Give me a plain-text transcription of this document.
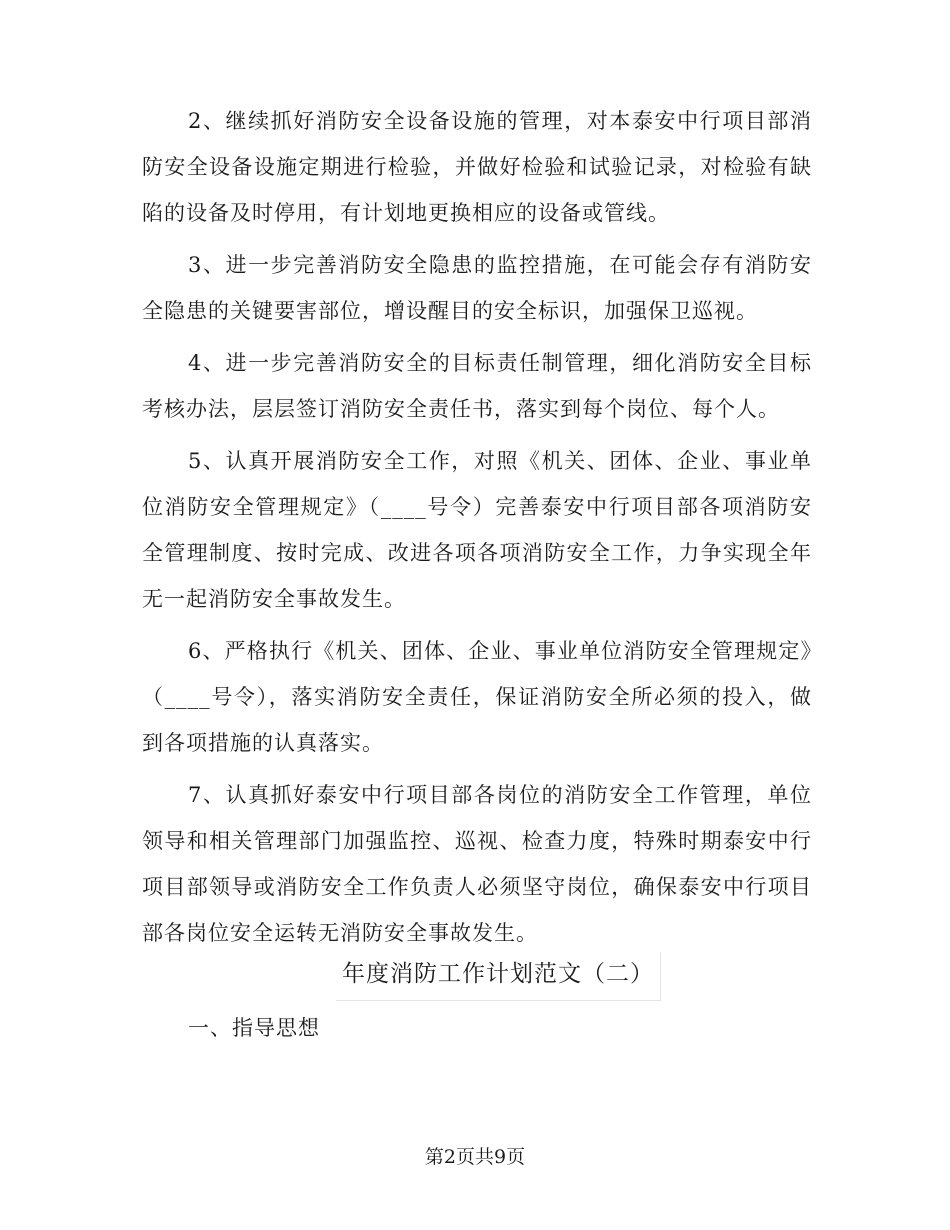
2、继续抓好消防安全设备设施的管理，对本泰安中行项目部消防安全设备设施定期进行检验，并做好检验和试验记录，对检验有缺陷的设备及时停用，有计划地更换相应的设备或管线。

3、进一步完善消防安全隐患的监控措施，在可能会存有消防安全隐患的关键要害部位，增设醒目的安全标识，加强保卫巡视。

4、进一步完善消防安全的目标责任制管理，细化消防安全目标考核办法，层层签订消防安全责任书，落实到每个岗位、每个人。

5、认真开展消防安全工作，对照《机关、团体、企业、事业单位消防安全管理规定》（____号令）完善泰安中行项目部各项消防安全管理制度、按时完成、改进各项各项消防安全工作，力争实现全年无一起消防安全事故发生。

6、严格执行《机关、团体、企业、事业单位消防安全管理规定》（____号令），落实消防安全责任，保证消防安全所必须的投入，做到各项措施的认真落实。

7、认真抓好泰安中行项目部各岗位的消防安全工作管理，单位领导和相关管理部门加强监控、巡视、检查力度，特殊时期泰安中行项目部领导或消防安全工作负责人必须坚守岗位，确保泰安中行项目部各岗位安全运转无消防安全事故发生。

年度消防工作计划范文（二）
一、指导思想
第2页共9页
